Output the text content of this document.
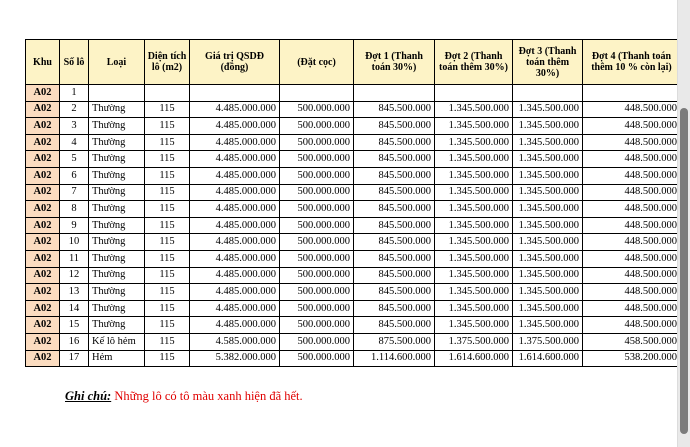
Khu	Số lô	Loại	Diện tích lô (m2)	Giá trị QSDĐ (đồng)	(Đặt cọc)	Đợt 1 (Thanh toán 30%)	Đợt 2 (Thanh toán thêm 30%)	Đợt 3 (Thanh toán thêm 30%)	Đợt 4 (Thanh toán thêm 10 % còn lại)
A02	1								
A02	2	Thường	115	4.485.000.000	500.000.000	845.500.000	1.345.500.000	1.345.500.000	448.500.000
A02	3	Thường	115	4.485.000.000	500.000.000	845.500.000	1.345.500.000	1.345.500.000	448.500.000
A02	4	Thường	115	4.485.000.000	500.000.000	845.500.000	1.345.500.000	1.345.500.000	448.500.000
A02	5	Thường	115	4.485.000.000	500.000.000	845.500.000	1.345.500.000	1.345.500.000	448.500.000
A02	6	Thường	115	4.485.000.000	500.000.000	845.500.000	1.345.500.000	1.345.500.000	448.500.000
A02	7	Thường	115	4.485.000.000	500.000.000	845.500.000	1.345.500.000	1.345.500.000	448.500.000
A02	8	Thường	115	4.485.000.000	500.000.000	845.500.000	1.345.500.000	1.345.500.000	448.500.000
A02	9	Thường	115	4.485.000.000	500.000.000	845.500.000	1.345.500.000	1.345.500.000	448.500.000
A02	10	Thường	115	4.485.000.000	500.000.000	845.500.000	1.345.500.000	1.345.500.000	448.500.000
A02	11	Thường	115	4.485.000.000	500.000.000	845.500.000	1.345.500.000	1.345.500.000	448.500.000
A02	12	Thường	115	4.485.000.000	500.000.000	845.500.000	1.345.500.000	1.345.500.000	448.500.000
A02	13	Thường	115	4.485.000.000	500.000.000	845.500.000	1.345.500.000	1.345.500.000	448.500.000
A02	14	Thường	115	4.485.000.000	500.000.000	845.500.000	1.345.500.000	1.345.500.000	448.500.000
A02	15	Thường	115	4.485.000.000	500.000.000	845.500.000	1.345.500.000	1.345.500.000	448.500.000
A02	16	Kế lô hẻm	115	4.585.000.000	500.000.000	875.500.000	1.375.500.000	1.375.500.000	458.500.000
A02	17	Hẻm	115	5.382.000.000	500.000.000	1.114.600.000	1.614.600.000	1.614.600.000	538.200.000
Ghi chú: Những lô có tô màu xanh hiện đã hết.
